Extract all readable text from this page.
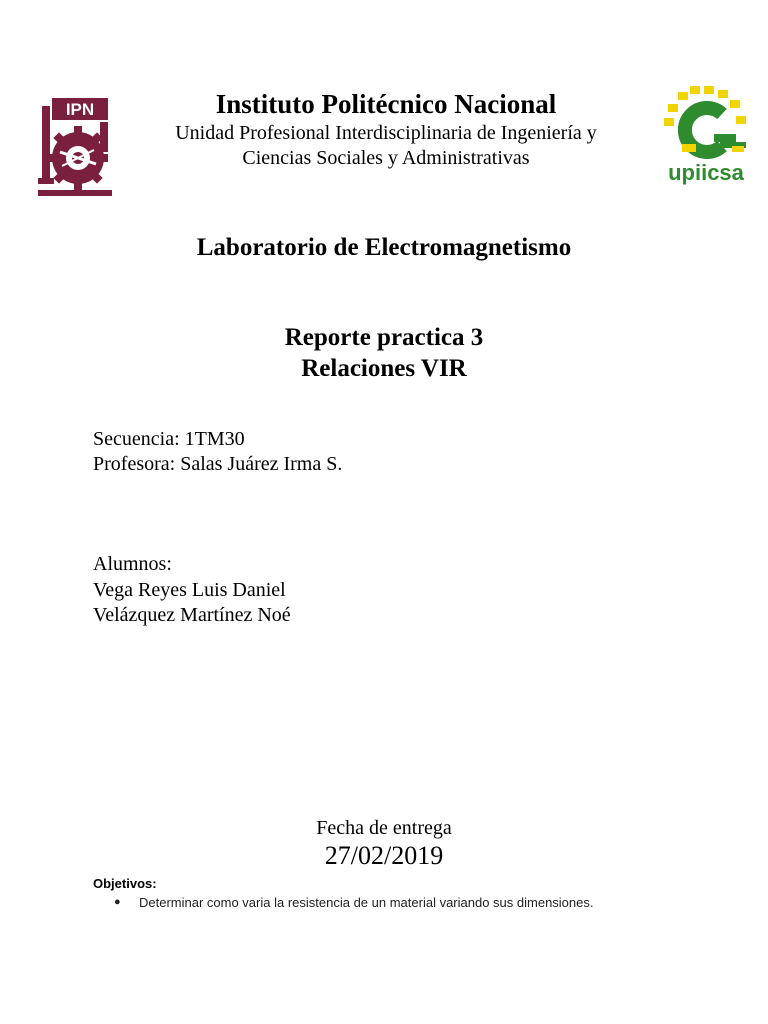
IPN
upiicsa
Instituto Politécnico Nacional
Unidad Profesional Interdisciplinaria de Ingeniería y
Ciencias Sociales y Administrativas
Laboratorio de Electromagnetismo
Reporte practica 3
Relaciones VIR
Secuencia: 1TM30
Profesora: Salas Juárez Irma S.
Alumnos:
Vega Reyes Luis Daniel
Velázquez Martínez Noé
Fecha de entrega
27/02/2019
Objetivos:
● Determinar como varia la resistencia de un material variando sus dimensiones.
